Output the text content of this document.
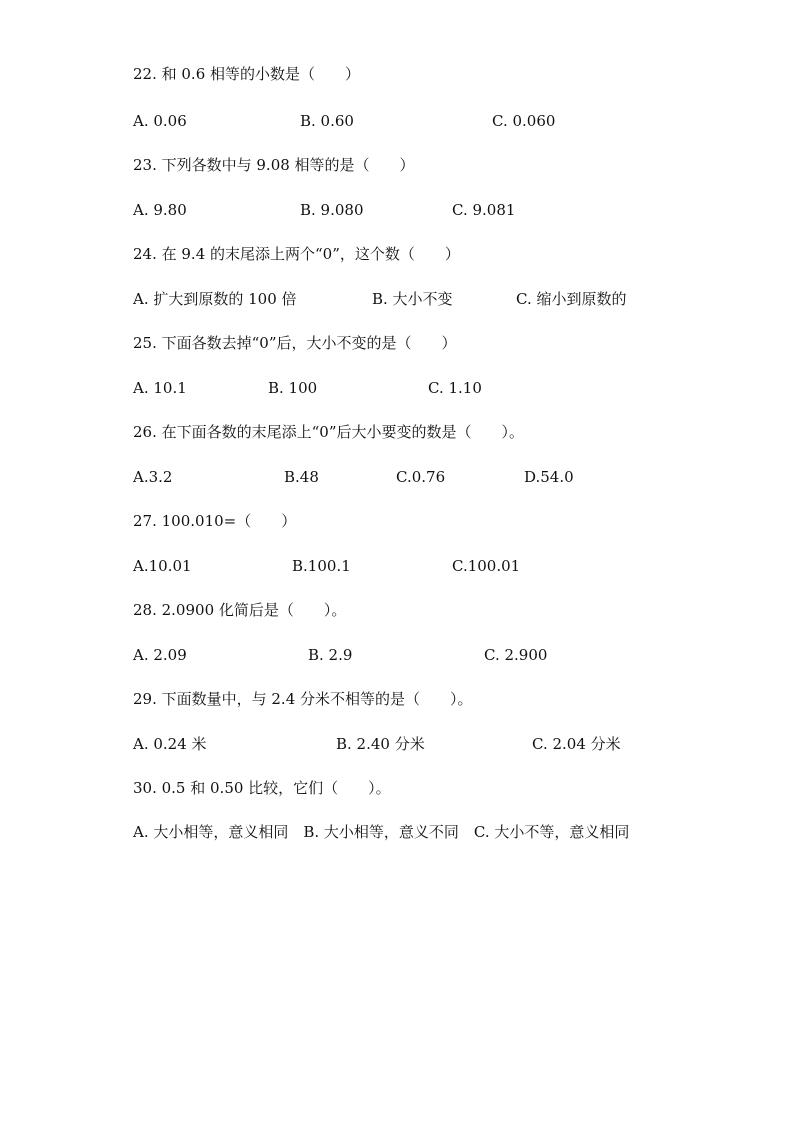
22. 和 0.6 相等的小数是（　　）
A. 0.06	B. 0.60	C. 0.060
23. 下列各数中与 9.08 相等的是（　　）
A. 9.80	B. 9.080	C. 9.081
24. 在 9.4 的末尾添上两个“0”，这个数（　　）
A. 扩大到原数的 100 倍	B. 大小不变	C. 缩小到原数的
25. 下面各数去掉“0”后，大小不变的是（　　）
A. 10.1	B. 100	C. 1.10
26. 在下面各数的末尾添上“0”后大小要变的数是（　　）。
A.3.2	B.48	C.0.76	D.54.0
27. 100.010=（　　）
A.10.01	B.100.1	C.100.01
28. 2.0900 化简后是（　　）。
A. 2.09	B. 2.9	C. 2.900
29. 下面数量中，与 2.4 分米不相等的是（　　）。
A. 0.24 米	B. 2.40 分米	C. 2.04 分米
30. 0.5 和 0.50 比较，它们（　　）。
A. 大小相等，意义相同　B. 大小相等，意义不同　C. 大小不等，意义相同
